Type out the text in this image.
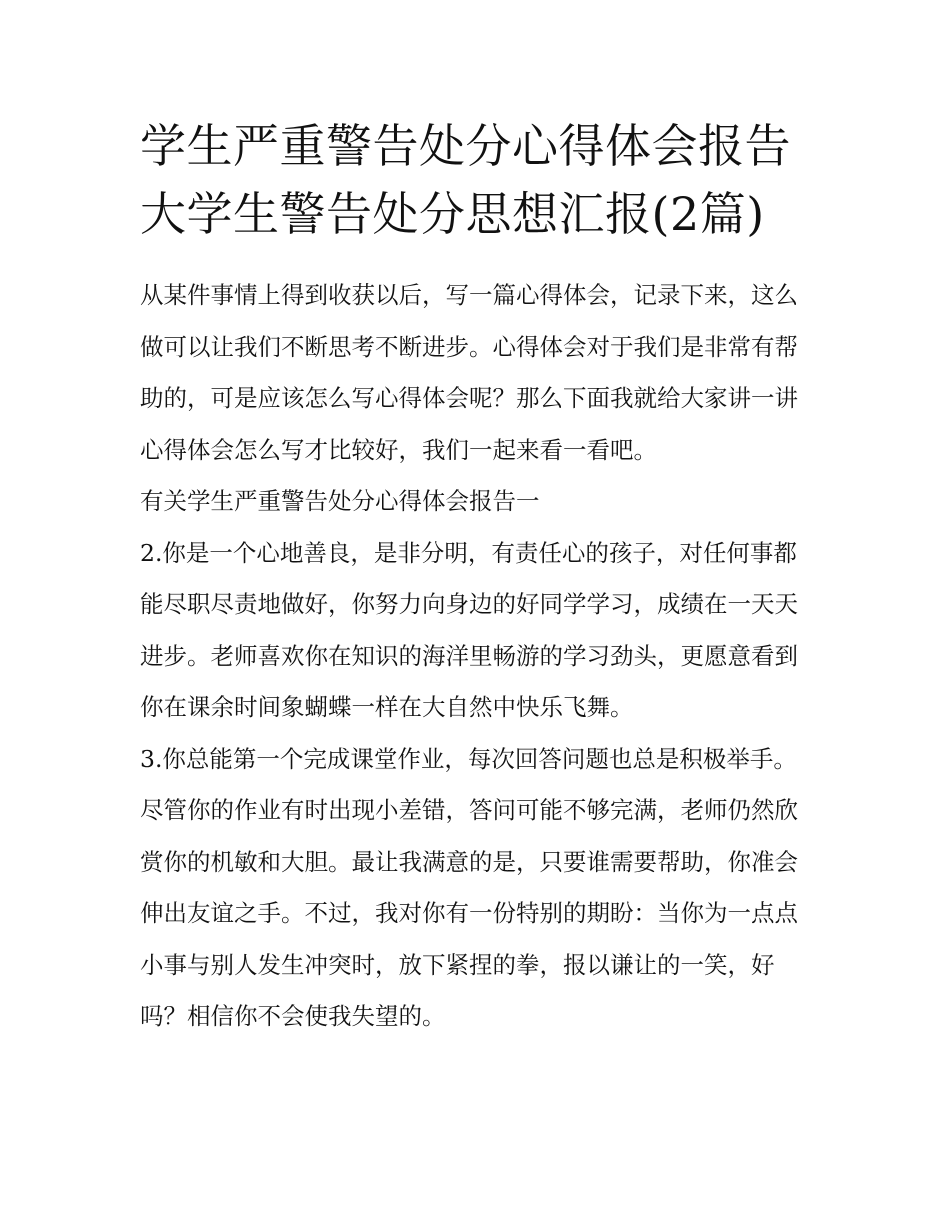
学生严重警告处分心得体会报告 大学生警告处分思想汇报(2篇)

从某件事情上得到收获以后，写一篇心得体会，记录下来，这么做可以让我们不断思考不断进步。心得体会对于我们是非常有帮助的，可是应该怎么写心得体会呢？那么下面我就给大家讲一讲心得体会怎么写才比较好，我们一起来看一看吧。

有关学生严重警告处分心得体会报告一

2.你是一个心地善良，是非分明，有责任心的孩子，对任何事都能尽职尽责地做好，你努力向身边的好同学学习，成绩在一天天进步。老师喜欢你在知识的海洋里畅游的学习劲头，更愿意看到你在课余时间象蝴蝶一样在大自然中快乐飞舞。

3.你总能第一个完成课堂作业，每次回答问题也总是积极举手。尽管你的作业有时出现小差错，答问可能不够完满，老师仍然欣赏你的机敏和大胆。最让我满意的是，只要谁需要帮助，你准会伸出友谊之手。不过，我对你有一份特别的期盼：当你为一点点小事与别人发生冲突时，放下紧捏的拳，报以谦让的一笑，好吗？相信你不会使我失望的。
